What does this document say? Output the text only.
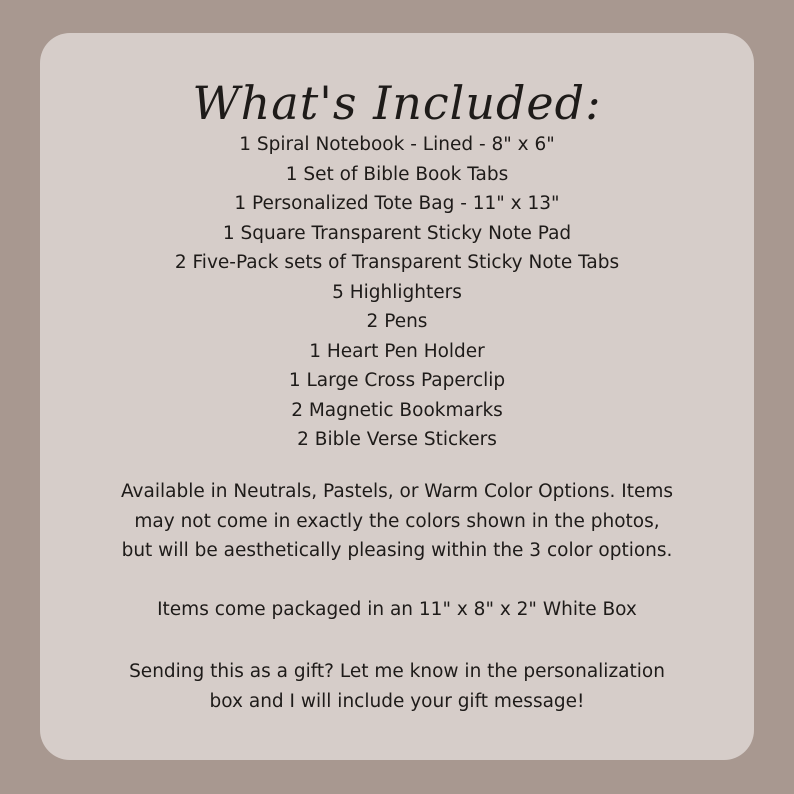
What's Included:
1 Spiral Notebook - Lined - 8" x 6"
1 Set of Bible Book Tabs
1 Personalized Tote Bag - 11" x 13"
1 Square Transparent Sticky Note Pad
2 Five-Pack sets of Transparent Sticky Note Tabs
5 Highlighters
2 Pens
1 Heart Pen Holder
1 Large Cross Paperclip
2 Magnetic Bookmarks
2 Bible Verse Stickers
Available in Neutrals, Pastels, or Warm Color Options. Items
may not come in exactly the colors shown in the photos,
but will be aesthetically pleasing within the 3 color options.
Items come packaged in an 11" x 8" x 2" White Box
Sending this as a gift? Let me know in the personalization
box and I will include your gift message!
